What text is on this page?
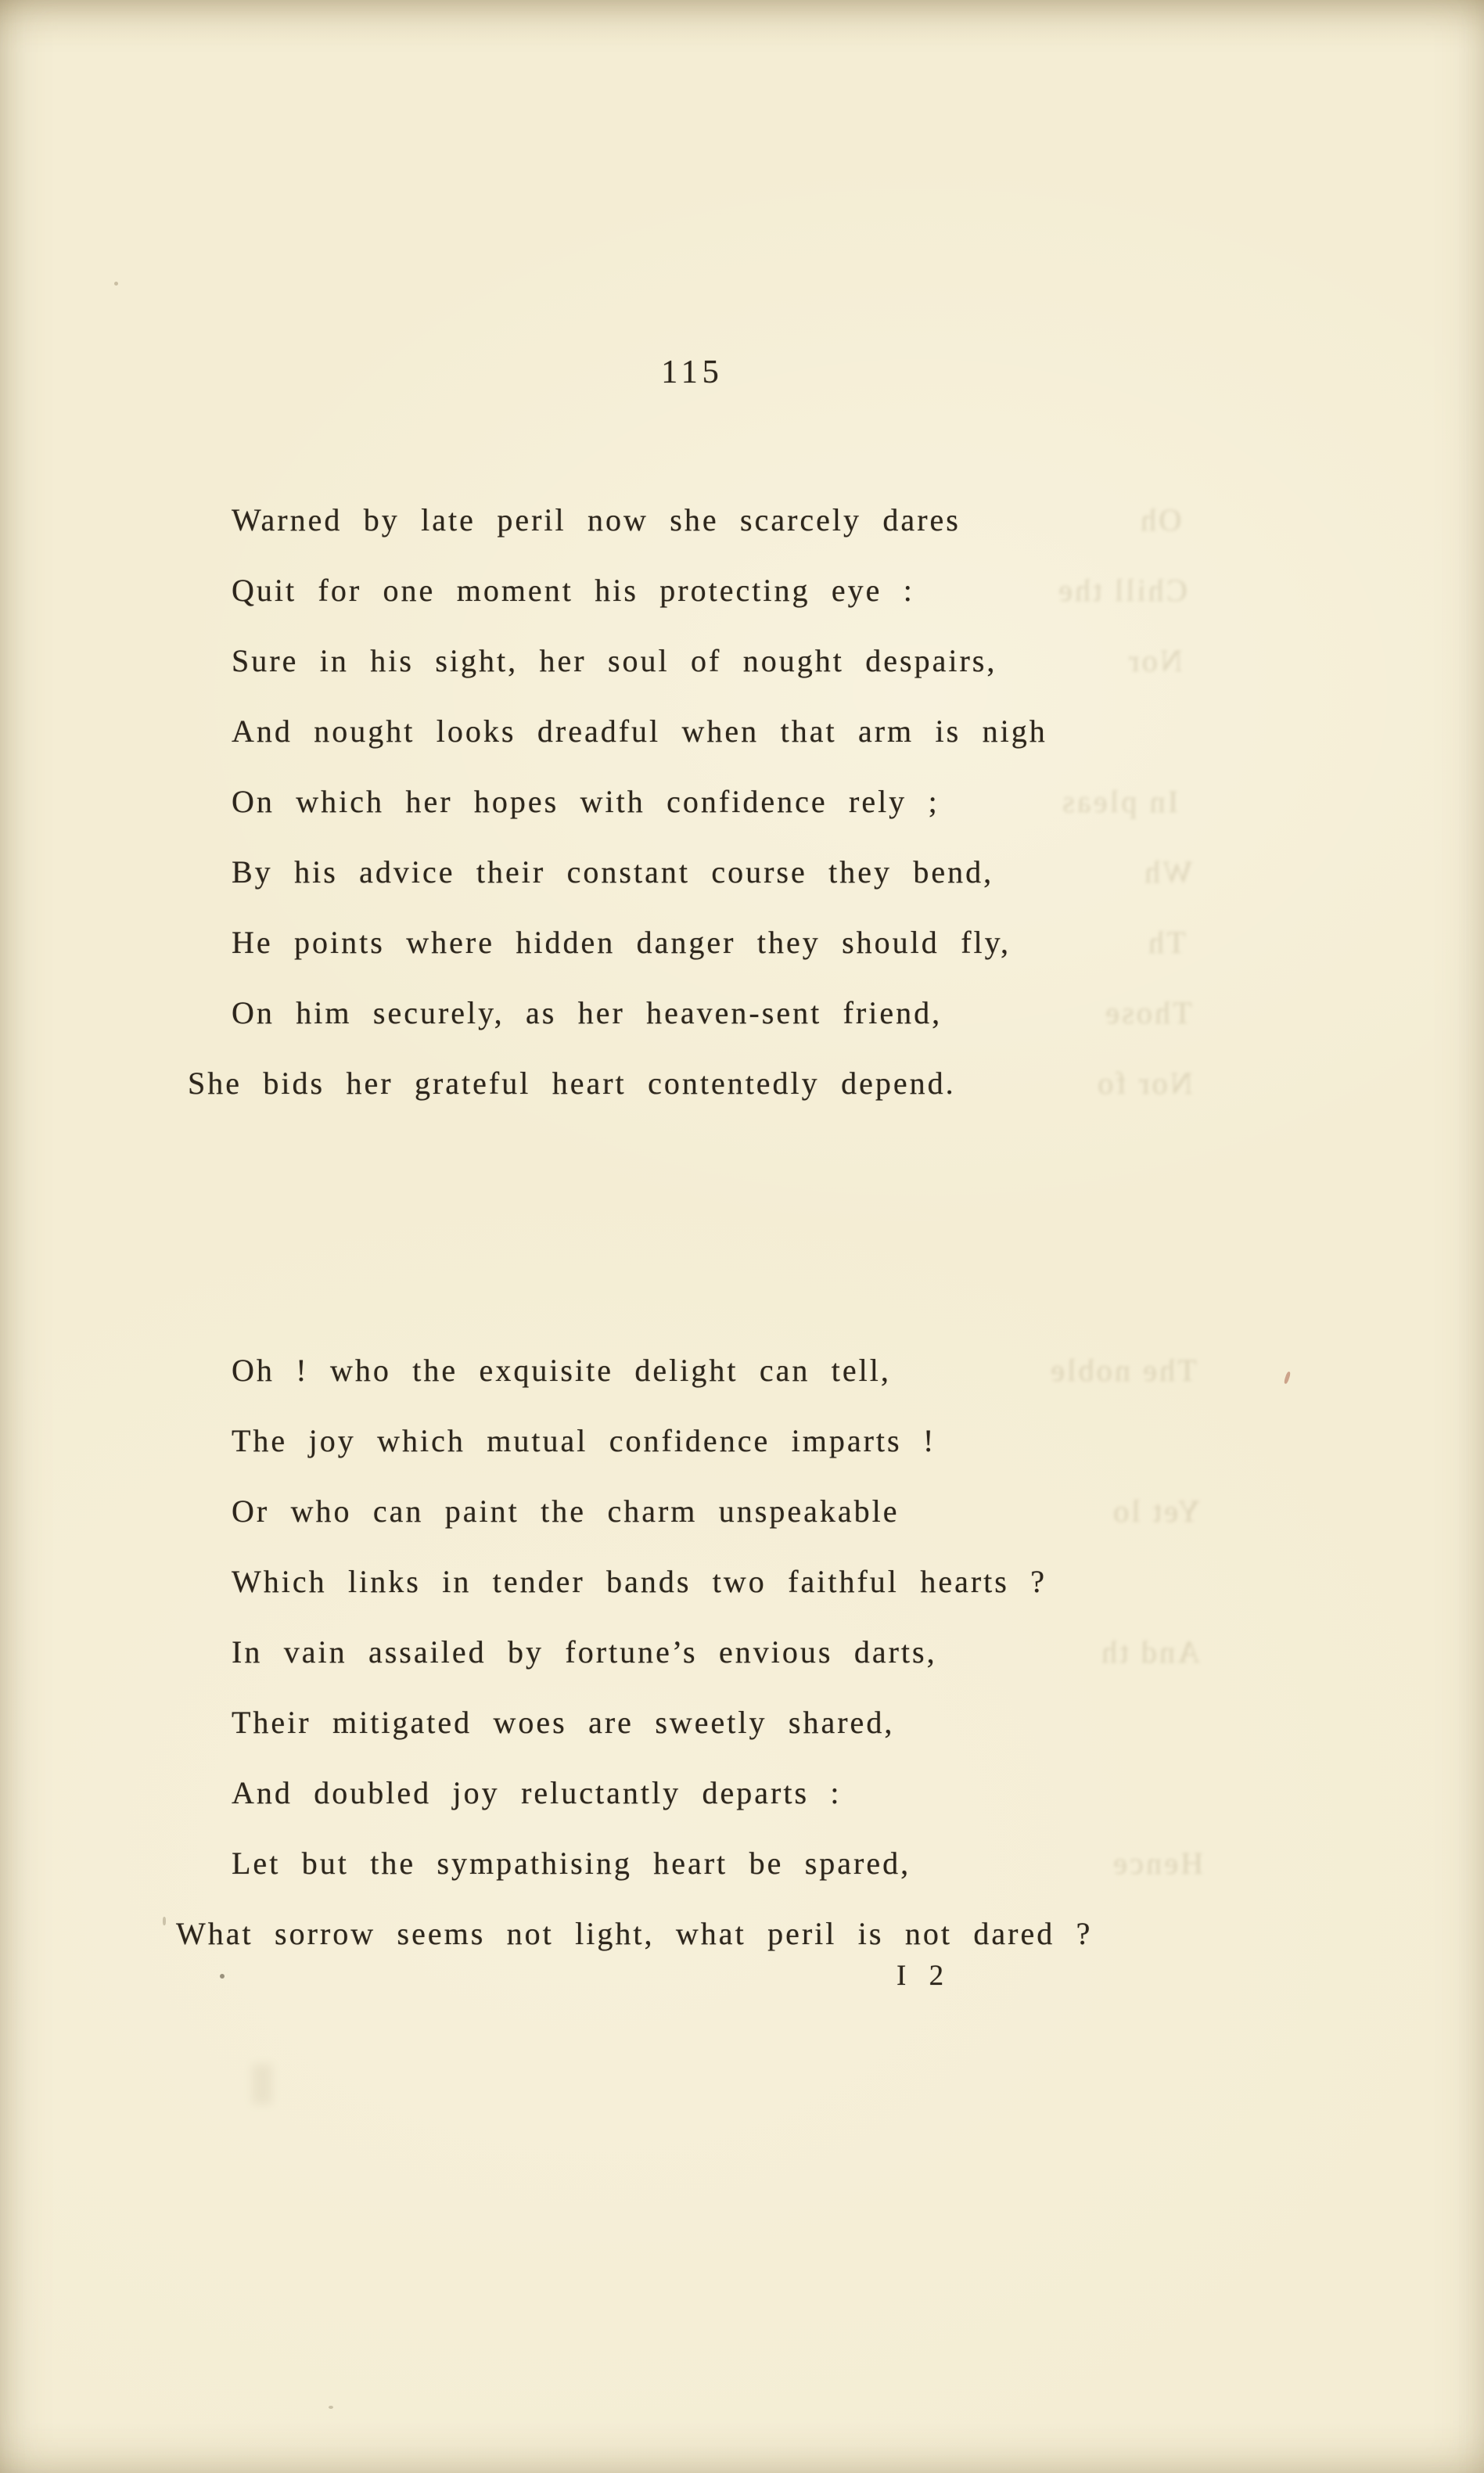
115
Warned by late peril now she scarcely dares
Quit for one moment his protecting eye :
Sure in his sight, her soul of nought despairs,
And nought looks dreadful when that arm is nigh
On which her hopes with confidence rely ;
By his advice their constant course they bend,
He points where hidden danger they should fly,
On him securely, as her heaven-sent friend,
She bids her grateful heart contentedly depend.
Oh ! who the exquisite delight can tell,
The joy which mutual confidence imparts !
Or who can paint the charm unspeakable
Which links in tender bands two faithful hearts ?
In vain assailed by fortune’s envious darts,
Their mitigated woes are sweetly shared,
And doubled joy reluctantly departs :
Let but the sympathising heart be spared,
What sorrow seems not light, what peril is not dared ?
I 2
Oh
Chill the
Nor
In pleas
Wh
Th
Those
Nor fo
The noble
Yet lo
And th
Hence
